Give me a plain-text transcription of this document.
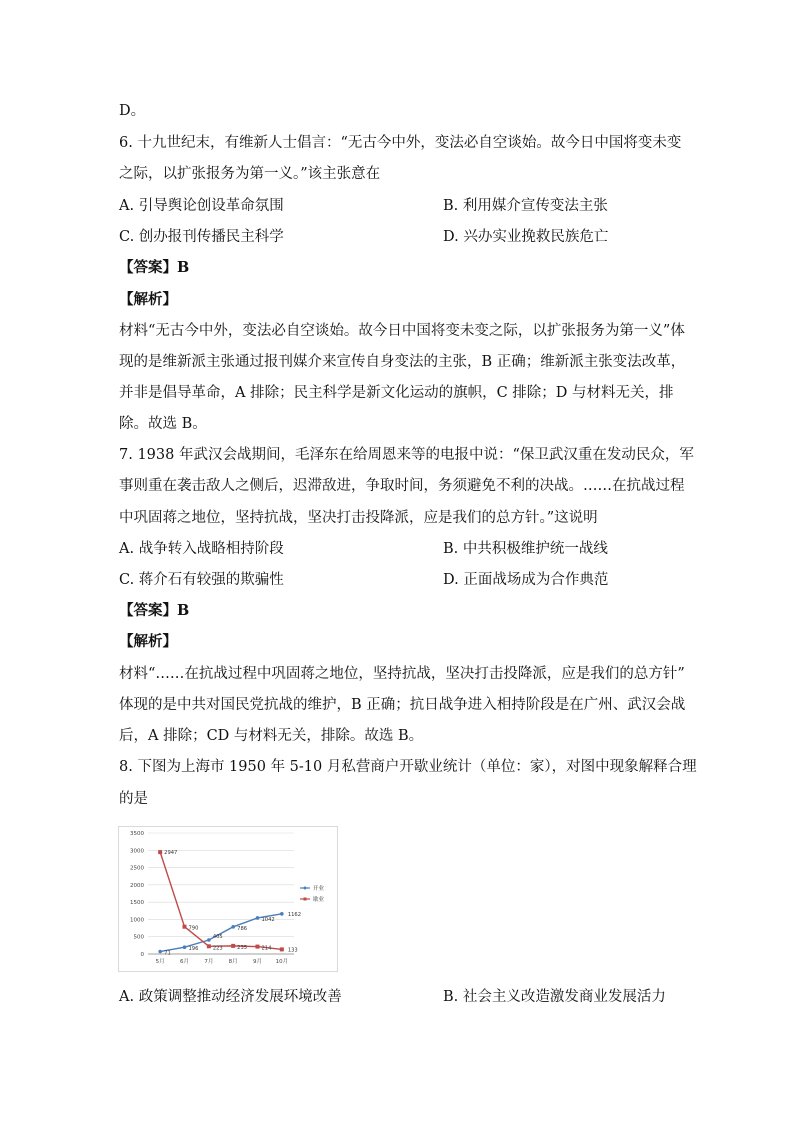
D。
6. 十九世纪末，有维新人士倡言：“无古今中外，变法必自空谈始。故今日中国将变未变
之际，以扩张报务为第一义。”该主张意在
A. 引导舆论创设革命氛围	B. 利用媒介宣传变法主张
C. 创办报刊传播民主科学	D. 兴办实业挽救民族危亡
【答案】B
【解析】
材料“无古今中外，变法必自空谈始。故今日中国将变未变之际，以扩张报务为第一义”体
现的是维新派主张通过报刊媒介来宣传自身变法的主张，B 正确；维新派主张变法改革，
并非是倡导革命，A 排除；民主科学是新文化运动的旗帜，C 排除；D 与材料无关，排
除。故选 B。
7. 1938 年武汉会战期间，毛泽东在给周恩来等的电报中说：“保卫武汉重在发动民众，军
事则重在袭击敌人之侧后，迟滞敌进，争取时间，务须避免不利的决战。……在抗战过程
中巩固蒋之地位，坚持抗战，坚决打击投降派，应是我们的总方针。”这说明
A. 战争转入战略相持阶段	B. 中共积极维护统一战线
C. 蒋介石有较强的欺骗性	D. 正面战场成为合作典范
【答案】B
【解析】
材料“……在抗战过程中巩固蒋之地位，坚持抗战，坚决打击投降派，应是我们的总方针”
体现的是中共对国民党抗战的维护，B 正确；抗日战争进入相持阶段是在广州、武汉会战
后，A 排除；CD 与材料无关，排除。故选 B。
8. 下图为上海市 1950 年 5-10 月私营商户开歇业统计（单位：家），对图中现象解释合理
的是
0
500
1000
1500
2000
2500
3000
3500
5月	6月	7月	8月	9月 10月
71
196
405
786
1042
1162
2947
790
223	235	214	133
开业
歇业
A. 政策调整推动经济发展环境改善	B. 社会主义改造激发商业发展活力
